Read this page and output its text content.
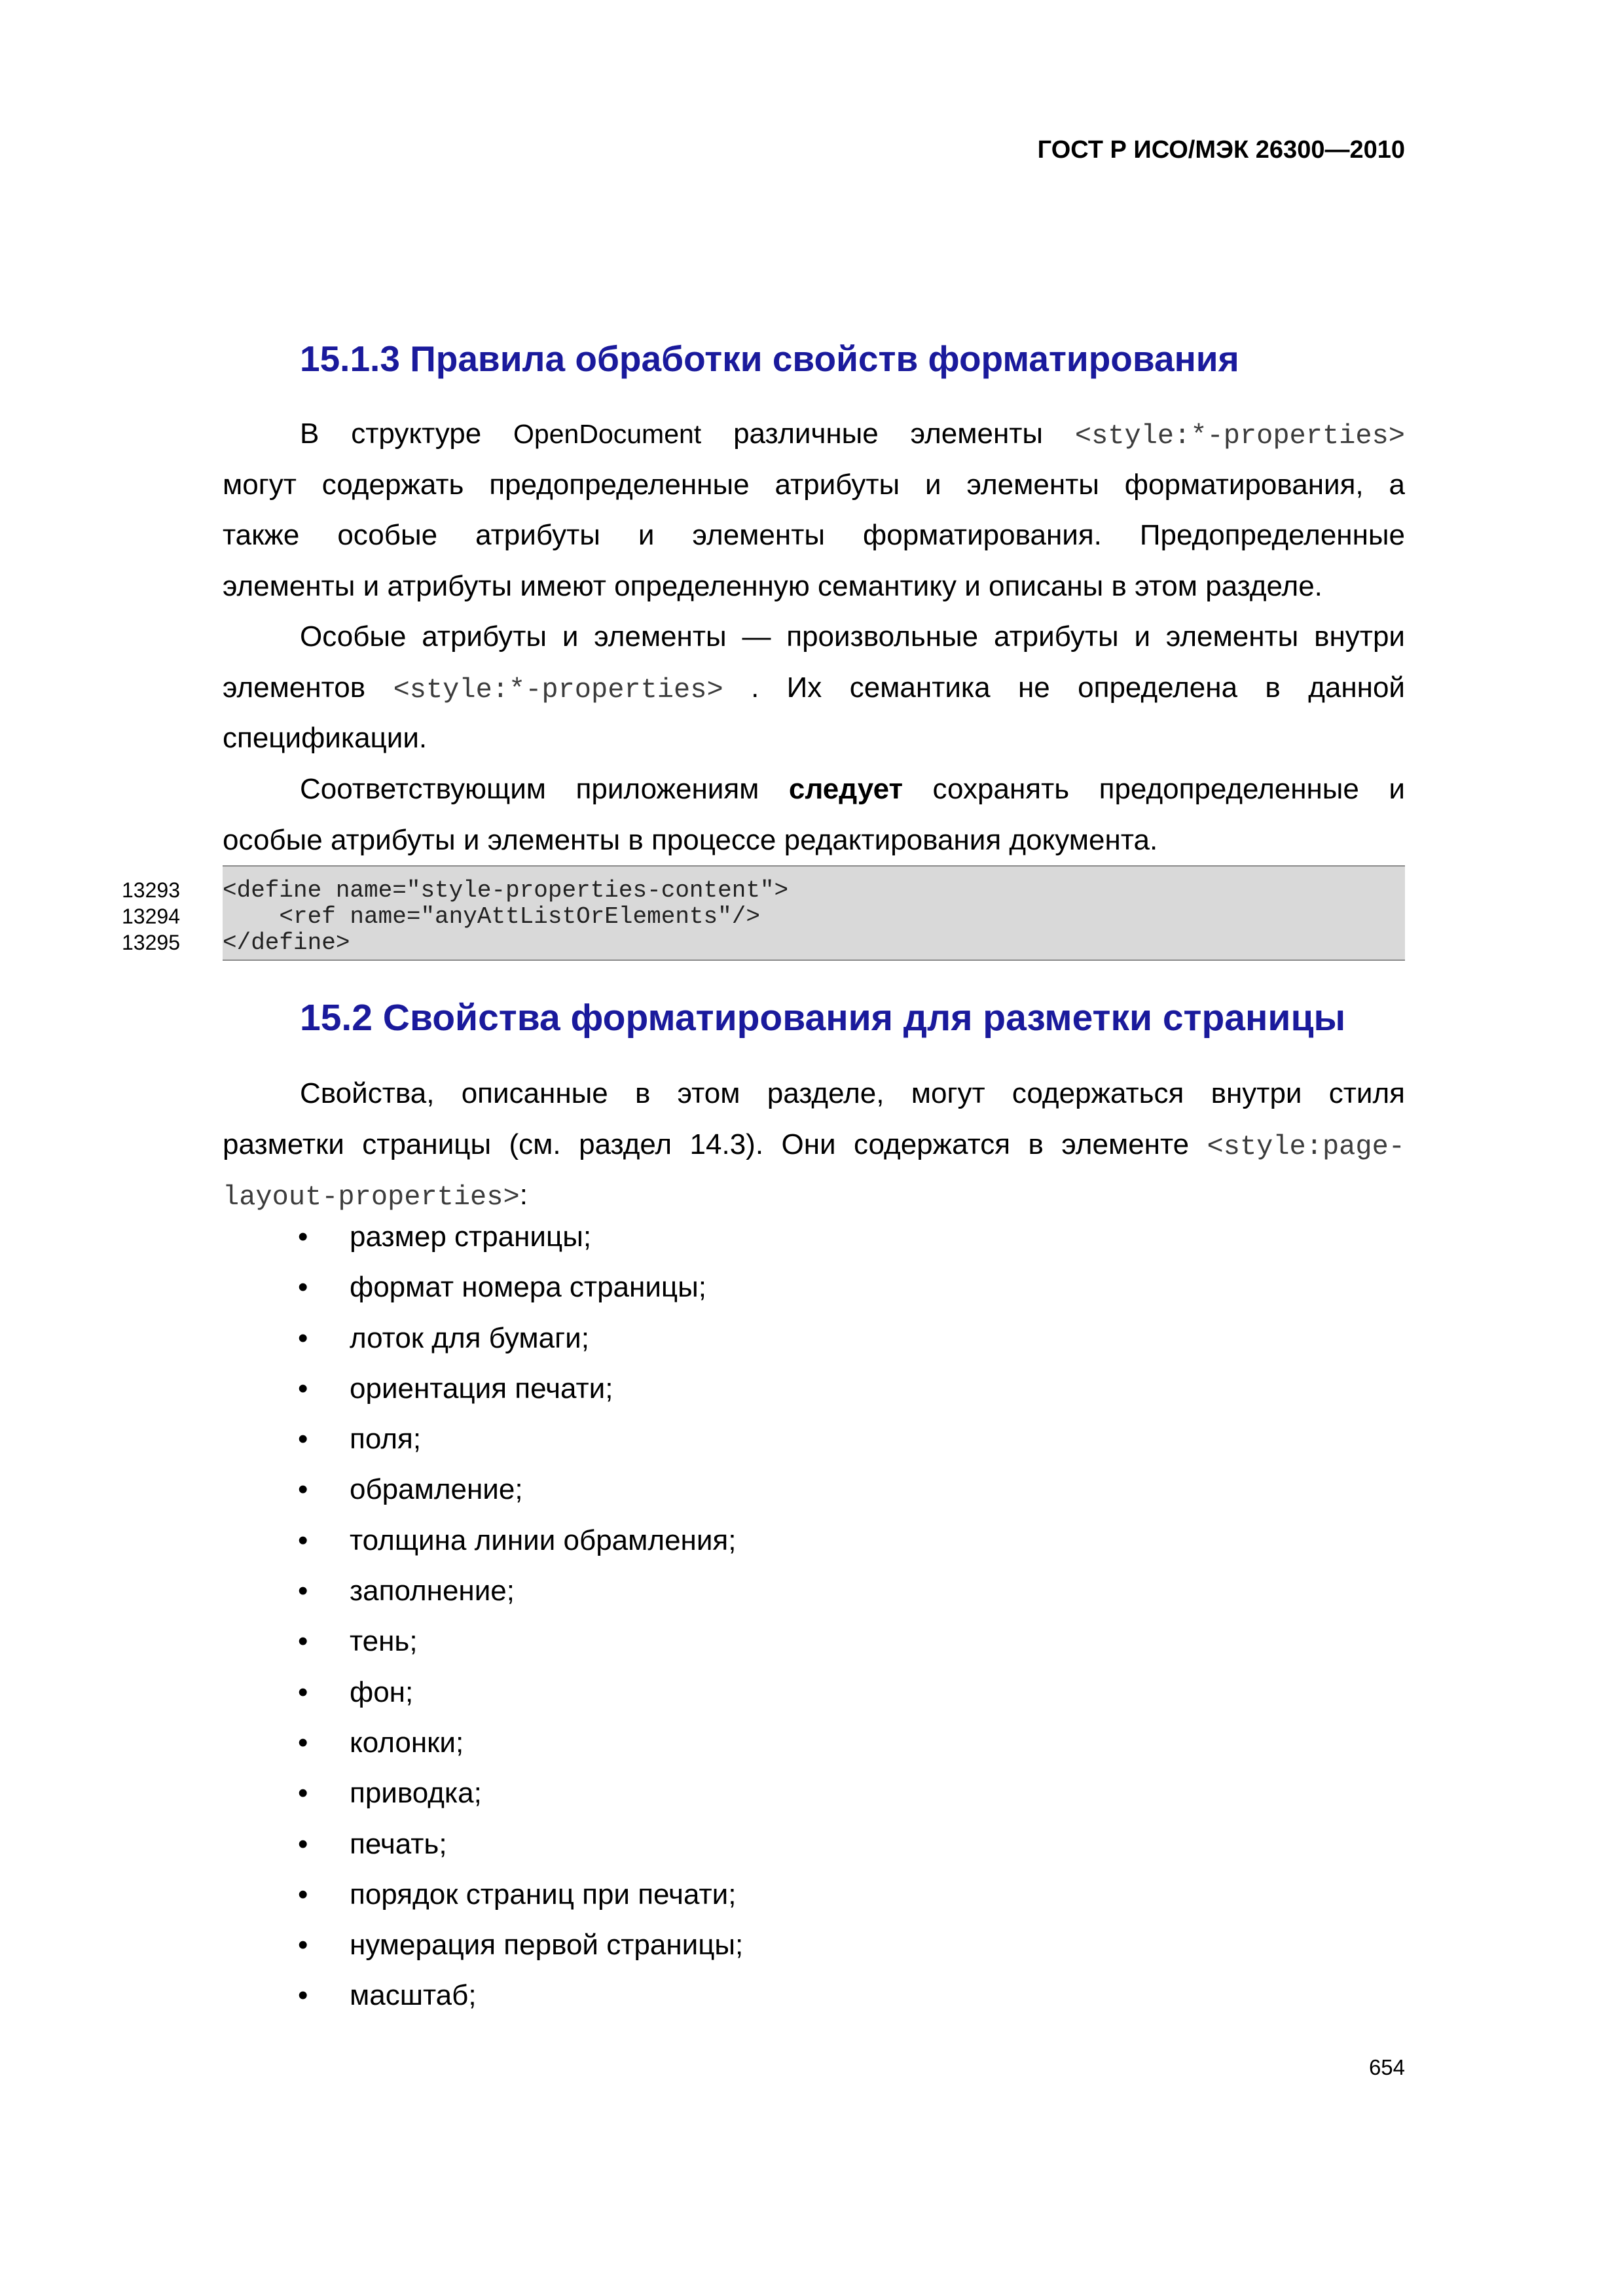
ГОСТ Р ИСО/МЭК 26300—2010
15.1.3 Правила обработки свойств форматирования
В структуре OpenDocument различные элементы <style:*-properties>
могут содержать предопределенные атрибуты и элементы форматирования, а
также особые атрибуты и элементы форматирования. Предопределенные
элементы и атрибуты имеют определенную семантику и описаны в этом разделе.
Особые атрибуты и элементы — произвольные атрибуты и элементы внутри
элементов <style:*-properties> . Их семантика не определена в данной
спецификации.
Соответствующим приложениям следует сохранять предопределенные и
особые атрибуты и элементы в процессе редактирования документа.
13293
13294
13295
<define name="style-properties-content">
<ref name="anyAttListOrElements"/>
</define>
15.2 Свойства форматирования для разметки страницы
Свойства, описанные в этом разделе, могут содержаться внутри стиля
разметки страницы (см. раздел 14.3). Они содержатся в элементе <style:page-
layout-properties>:
• размер страницы;
• формат номера страницы;
• лоток для бумаги;
• ориентация печати;
• поля;
• обрамление;
• толщина линии обрамления;
• заполнение;
• тень;
• фон;
• колонки;
• приводка;
• печать;
• порядок страниц при печати;
• нумерация первой страницы;
• масштаб;
654
